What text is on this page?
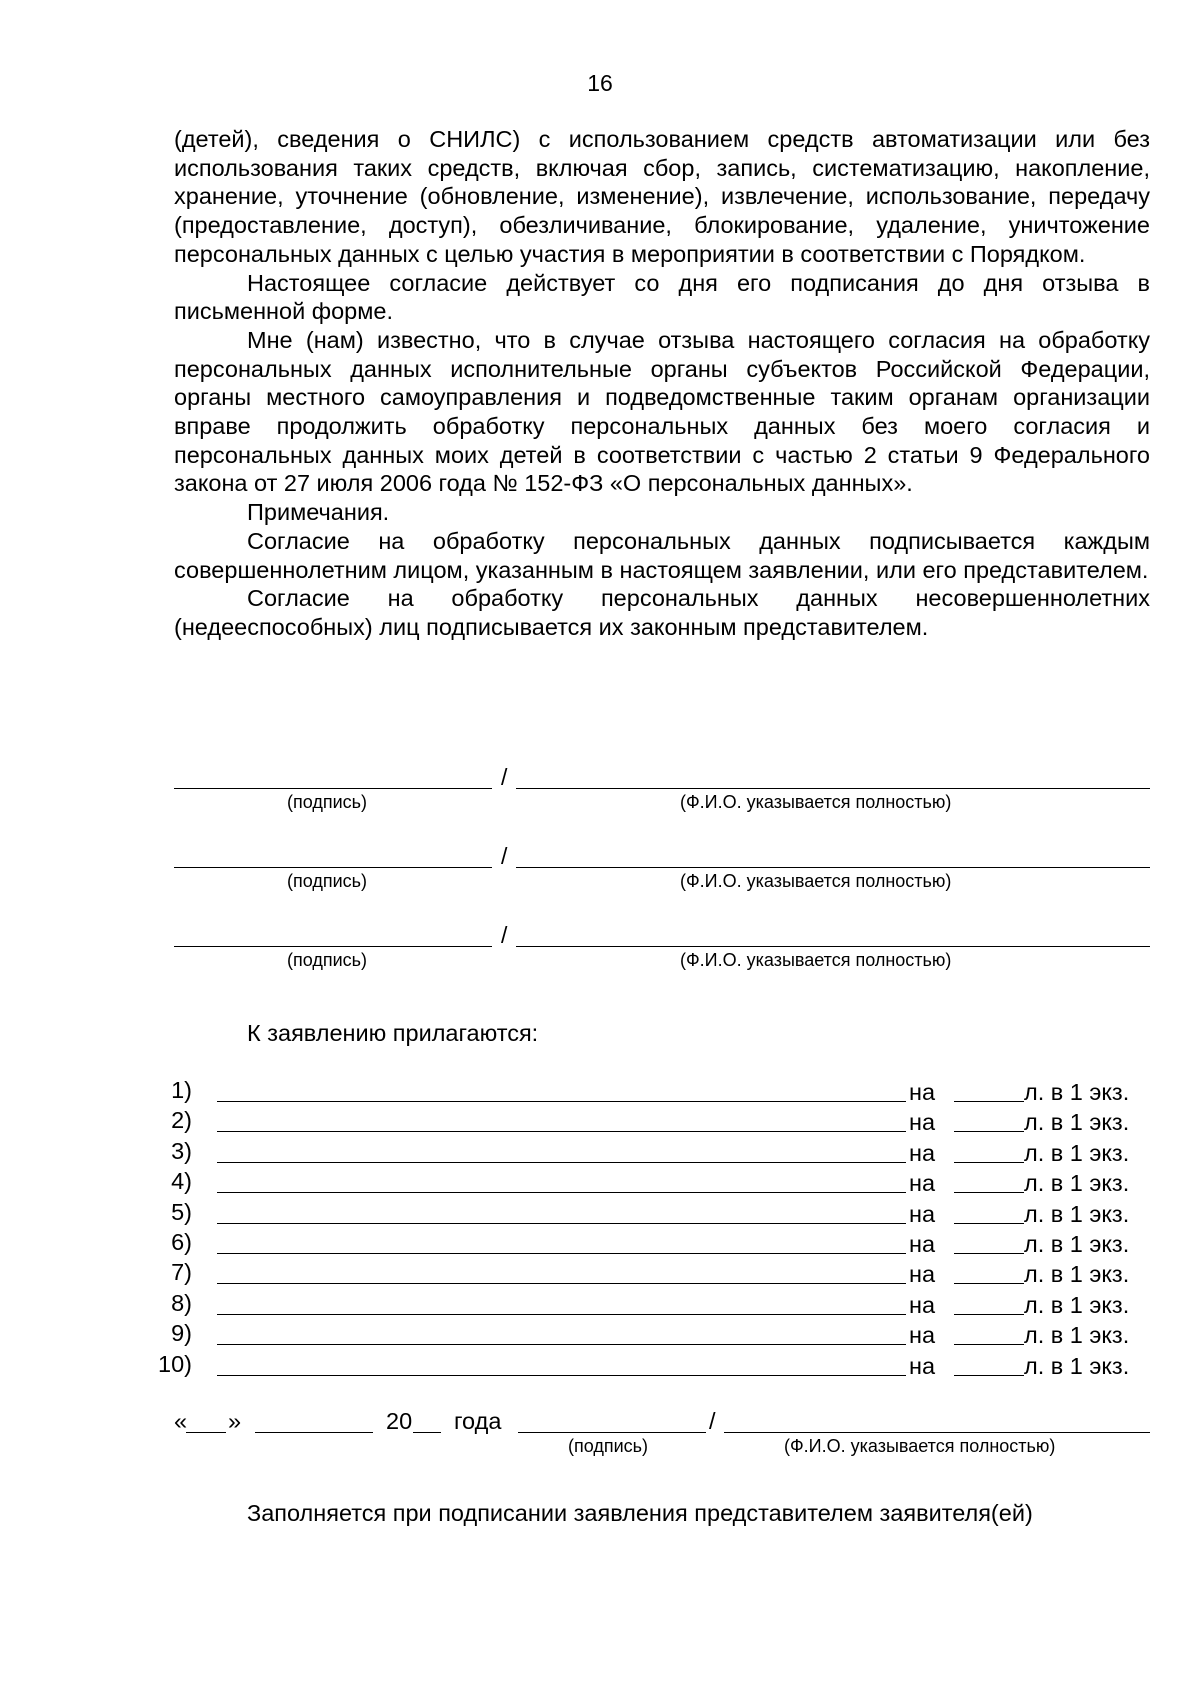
16

(детей), сведения о СНИЛС) с использованием средств автоматизации или без использования таких средств, включая сбор, запись, систематизацию, накопление, хранение, уточнение (обновление, изменение), извлечение, использование, передачу (предоставление, доступ), обезличивание, блокирование, удаление, уничтожение персональных данных с целью участия в мероприятии в соответствии с Порядком.

Настоящее согласие действует со дня его подписания до дня отзыва в письменной форме.

Мне (нам) известно, что в случае отзыва настоящего согласия на обработку персональных данных исполнительные органы субъектов Российской Федерации, органы местного самоуправления и подведомственные таким органам организации вправе продолжить обработку персональных данных без моего согласия и персональных данных моих детей в соответствии с частью 2 статьи 9 Федерального закона от 27 июля 2006 года № 152-ФЗ «О персональных данных».

Примечания.

Согласие на обработку персональных данных подписывается каждым совершеннолетним лицом, указанным в настоящем заявлении, или его представителем.

Согласие на обработку персональных данных несовершеннолетних (недееспособных) лиц подписывается их законным представителем.

/
(подпись)	(Ф.И.О. указывается полностью)
/
(подпись)	(Ф.И.О. указывается полностью)
/
(подпись)	(Ф.И.О. указывается полностью)
К заявлению прилагаются:
1)	на	л. в 1 экз.
2)	на	л. в 1 экз.
3)	на	л. в 1 экз.
4)	на	л. в 1 экз.
5)	на	л. в 1 экз.
6)	на	л. в 1 экз.
7)	на	л. в 1 экз.
8)	на	л. в 1 экз.
9)	на	л. в 1 экз.
10)	на	л. в 1 экз.
« »	20 года	/
(подпись)	(Ф.И.О. указывается полностью)
Заполняется при подписании заявления представителем заявителя(ей)
